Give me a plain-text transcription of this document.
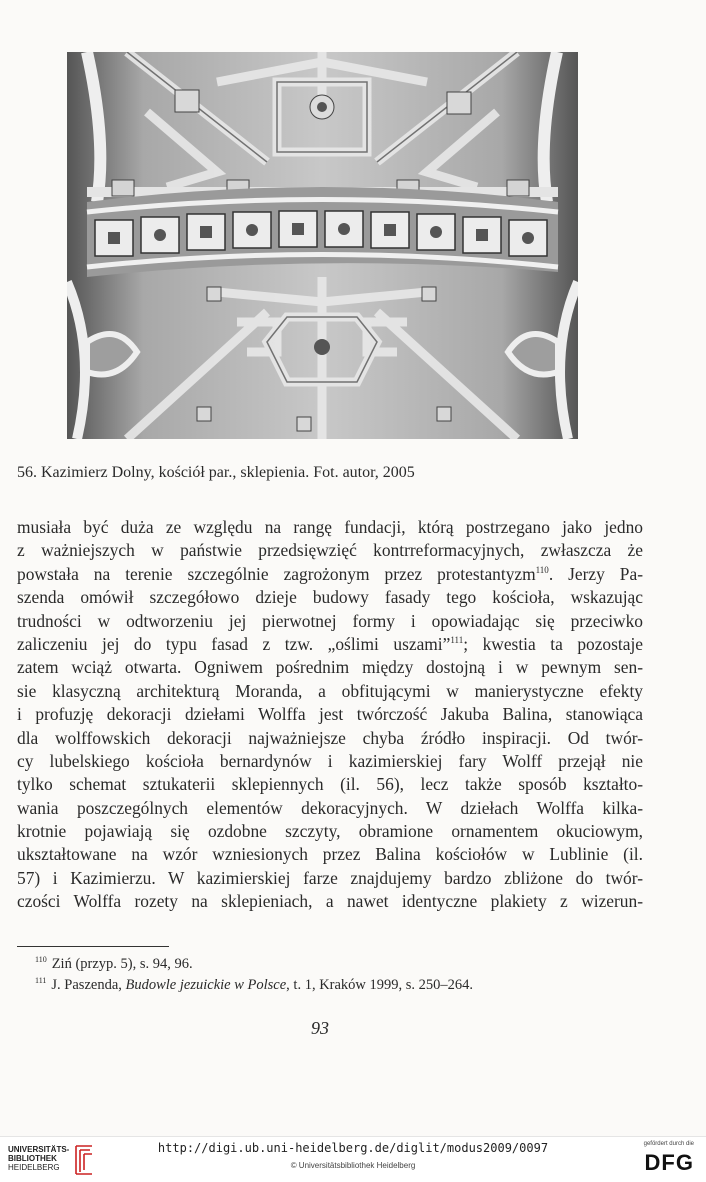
56. Kazimierz Dolny, kościół par., sklepienia. Fot. autor, 2005
musiała być duża ze względu na rangę fundacji, którą postrzegano jako jedno
z ważniejszych w państwie przedsięwzięć kontrreformacyjnych, zwłaszcza że
powstała na terenie szczególnie zagrożonym przez protestantyzm$^{110}$. Jerzy Pa-
szenda omówił szczegółowo dzieje budowy fasady tego kościoła, wskazując
trudności w odtworzeniu jej pierwotnej formy i opowiadając się przeciwko
zaliczeniu jej do typu fasad z tzw. „oślimi uszami”$^{111}$; kwestia ta pozostaje
zatem wciąż otwarta. Ogniwem pośrednim między dostojną i w pewnym sen-
sie klasyczną architekturą Moranda, a obfitującymi w manierystyczne efekty
i profuzję dekoracji dziełami Wolffa jest twórczość Jakuba Balina, stanowiąca
dla wolffowskich dekoracji najważniejsze chyba źródło inspiracji. Od twór-
cy lubelskiego kościoła bernardynów i kazimierskiej fary Wolff przejął nie
tylko schemat sztukaterii sklepiennych (il. 56), lecz także sposób kształto-
wania poszczególnych elementów dekoracyjnych. W dziełach Wolffa kilka-
krotnie pojawiają się ozdobne szczyty, obramione ornamentem okuciowym,
ukształtowane na wzór wzniesionych przez Balina kościołów w Lublinie (il.
57) i Kazimierzu. W kazimierskiej farze znajdujemy bardzo zbliżone do twór-
czości Wolffa rozety na sklepieniach, a nawet identyczne plakiety z wizerun-
$^{110}$ Ziń (przyp. 5), s. 94, 96.
$^{111}$ J. Paszenda, Budowle jezuickie w Polsce, t. 1, Kraków 1999, s. 250–264.
93
UNIVERSITÄTS-
BIBLIOTHEK
HEIDELBERG
http://digi.ub.uni-heidelberg.de/diglit/modus2009/0097
© Universitätsbibliothek Heidelberg
gefördert durch die
DFG
